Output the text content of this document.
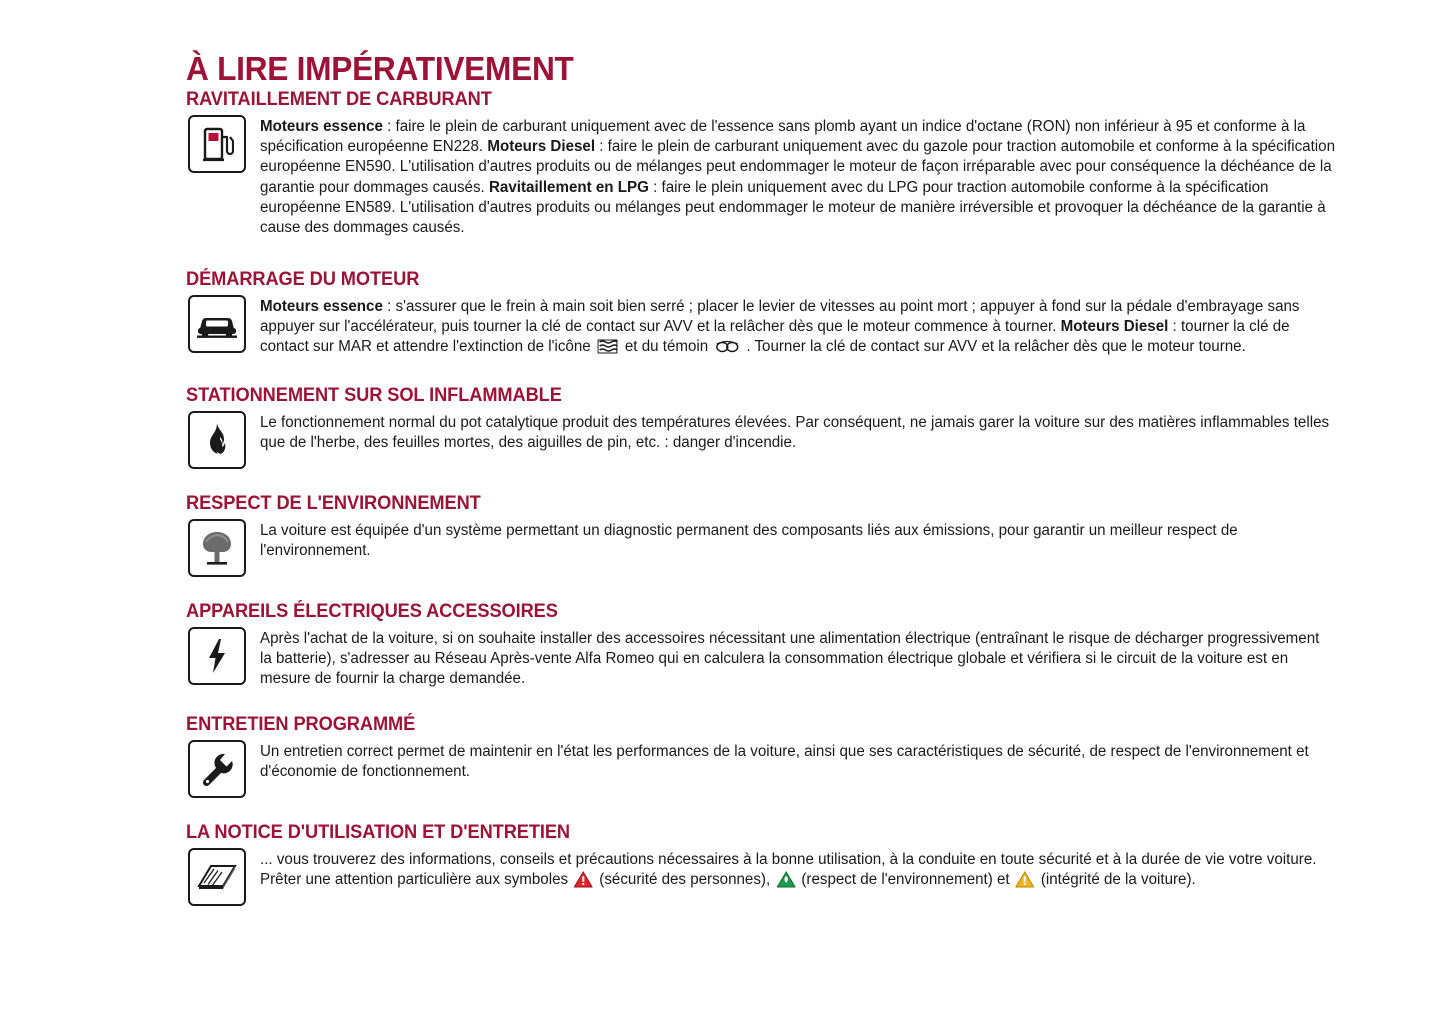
À LIRE IMPÉRATIVEMENT
RAVITAILLEMENT DE CARBURANT
Moteurs essence : faire le plein de carburant uniquement avec de l'essence sans plomb ayant un indice d'octane (RON) non inférieur à 95 et conforme à la spécification européenne EN228. Moteurs Diesel : faire le plein de carburant uniquement avec du gazole pour traction automobile et conforme à la spécification européenne EN590. L'utilisation d'autres produits ou de mélanges peut endommager le moteur de façon irréparable avec pour conséquence la déchéance de la garantie pour dommages causés. Ravitaillement en LPG : faire le plein uniquement avec du LPG pour traction automobile conforme à la spécification européenne EN589. L'utilisation d'autres produits ou mélanges peut endommager le moteur de manière irréversible et provoquer la déchéance de la garantie à cause des dommages causés.
DÉMARRAGE DU MOTEUR
Moteurs essence : s'assurer que le frein à main soit bien serré ; placer le levier de vitesses au point mort ; appuyer à fond sur la pédale d'embrayage sans appuyer sur l'accélérateur, puis tourner la clé de contact sur AVV et la relâcher dès que le moteur commence à tourner. Moteurs Diesel : tourner la clé de contact sur MAR et attendre l'extinction de l'icône  et du témoin  . Tourner la clé de contact sur AVV et la relâcher dès que le moteur tourne.
STATIONNEMENT SUR SOL INFLAMMABLE
Le fonctionnement normal du pot catalytique produit des températures élevées. Par conséquent, ne jamais garer la voiture sur des matières inflammables telles que de l'herbe, des feuilles mortes, des aiguilles de pin, etc. : danger d'incendie.
RESPECT DE L'ENVIRONNEMENT
La voiture est équipée d'un système permettant un diagnostic permanent des composants liés aux émissions, pour garantir un meilleur respect de l'environnement.
APPAREILS ÉLECTRIQUES ACCESSOIRES
Après l'achat de la voiture, si on souhaite installer des accessoires nécessitant une alimentation électrique (entraînant le risque de décharger progressivement la batterie), s'adresser au Réseau Après-vente Alfa Romeo qui en calculera la consommation électrique globale et vérifiera si le circuit de la voiture est en mesure de fournir la charge demandée.
ENTRETIEN PROGRAMMÉ
Un entretien correct permet de maintenir en l'état les performances de la voiture, ainsi que ses caractéristiques de sécurité, de respect de l'environnement et d'économie de fonctionnement.
LA NOTICE D'UTILISATION ET D'ENTRETIEN
... vous trouverez des informations, conseils et précautions nécessaires à la bonne utilisation, à la conduite en toute sécurité et à la durée de vie votre voiture. Prêter une attention particulière aux symboles
(sécurité des personnes),
(respect de l'environnement) et
(intégrité de la voiture).
